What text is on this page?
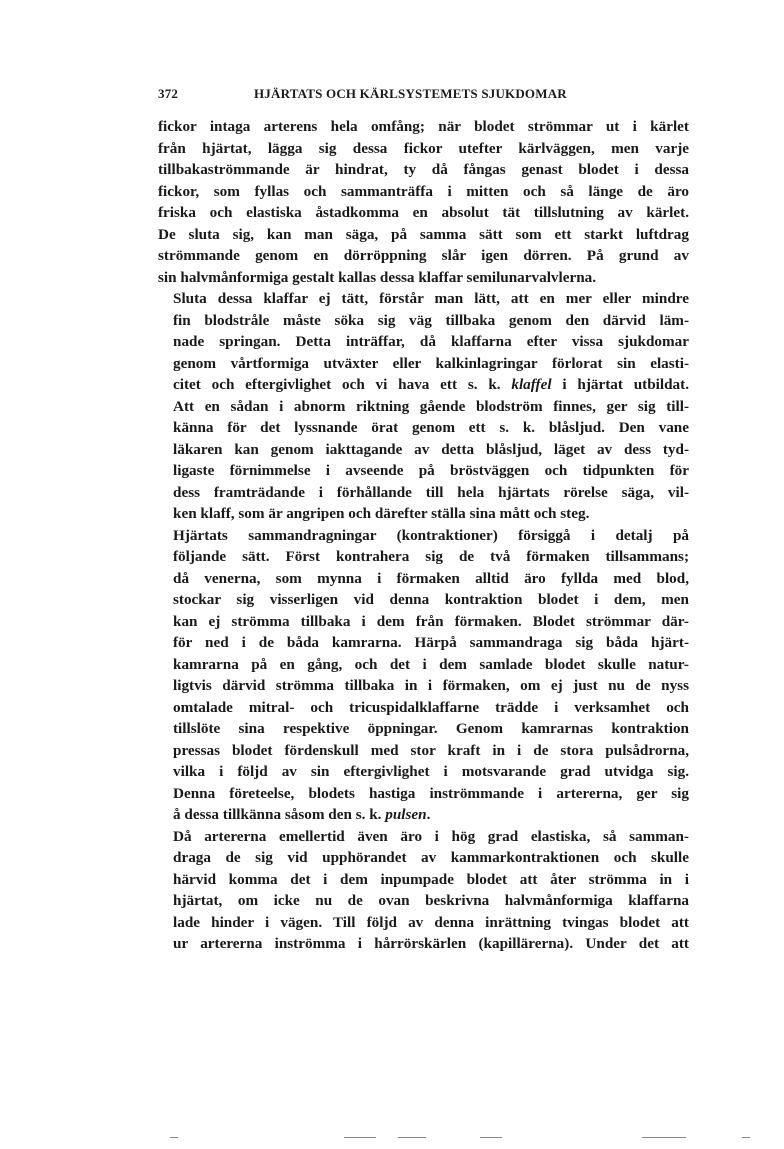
372	HJÄRTATS OCH KÄRLSYSTEMETS SJUKDOMAR

fickor intaga arterens hela omfång; när blodet strömmar ut i kärlet
från hjärtat, lägga sig dessa fickor utefter kärlväggen, men varje
tillbakaströmmande är hindrat, ty då fångas genast blodet i dessa
fickor, som fyllas och sammanträffa i mitten och så länge de äro
friska och elastiska åstadkomma en absolut tät tillslutning av kärlet.
De sluta sig, kan man säga, på samma sätt som ett starkt luftdrag
strömmande genom en dörröppning slår igen dörren. På grund av
sin halvmånformiga gestalt kallas dessa klaffar semilunarvalvlerna.

Sluta dessa klaffar ej tätt, förstår man lätt, att en mer eller mindre
fin blodstråle måste söka sig väg tillbaka genom den därvid läm-
nade springan. Detta inträffar, då klaffarna efter vissa sjukdomar
genom vårtformiga utväxter eller kalkinlagringar förlorat sin elasti-
citet och eftergivlighet och vi hava ett s. k. klaffel i hjärtat utbildat.
Att en sådan i abnorm riktning gående blodström finnes, ger sig till-
känna för det lyssnande örat genom ett s. k. blåsljud. Den vane
läkaren kan genom iakttagande av detta blåsljud, läget av dess tyd-
ligaste förnimmelse i avseende på bröstväggen och tidpunkten för
dess framträdande i förhållande till hela hjärtats rörelse säga, vil-
ken klaff, som är angripen och därefter ställa sina mått och steg.

Hjärtats sammandragningar (kontraktioner) försiggå i detalj på
följande sätt. Först kontrahera sig de två förmaken tillsammans;
då venerna, som mynna i förmaken alltid äro fyllda med blod,
stockar sig visserligen vid denna kontraktion blodet i dem, men
kan ej strömma tillbaka i dem från förmaken. Blodet strömmar där-
för ned i de båda kamrarna. Härpå sammandraga sig båda hjärt-
kamrarna på en gång, och det i dem samlade blodet skulle natur-
ligtvis därvid strömma tillbaka in i förmaken, om ej just nu de nyss
omtalade mitral- och tricuspidalklaffarne trädde i verksamhet och
tillslöte sina respektive öppningar. Genom kamrarnas kontraktion
pressas blodet fördenskull med stor kraft in i de stora pulsådrorna,
vilka i följd av sin eftergivlighet i motsvarande grad utvidga sig.
Denna företeelse, blodets hastiga inströmmande i artererna, ger sig
å dessa tillkänna såsom den s. k. pulsen.

Då artererna emellertid även äro i hög grad elastiska, så samman-
draga de sig vid upphörandet av kammarkontraktionen och skulle
härvid komma det i dem inpumpade blodet att åter strömma in i
hjärtat, om icke nu de ovan beskrivna halvmånformiga klaffarna
lade hinder i vägen. Till följd av denna inrättning tvingas blodet att
ur artererna inströmma i hårrörskärlen (kapillärerna). Under det att
